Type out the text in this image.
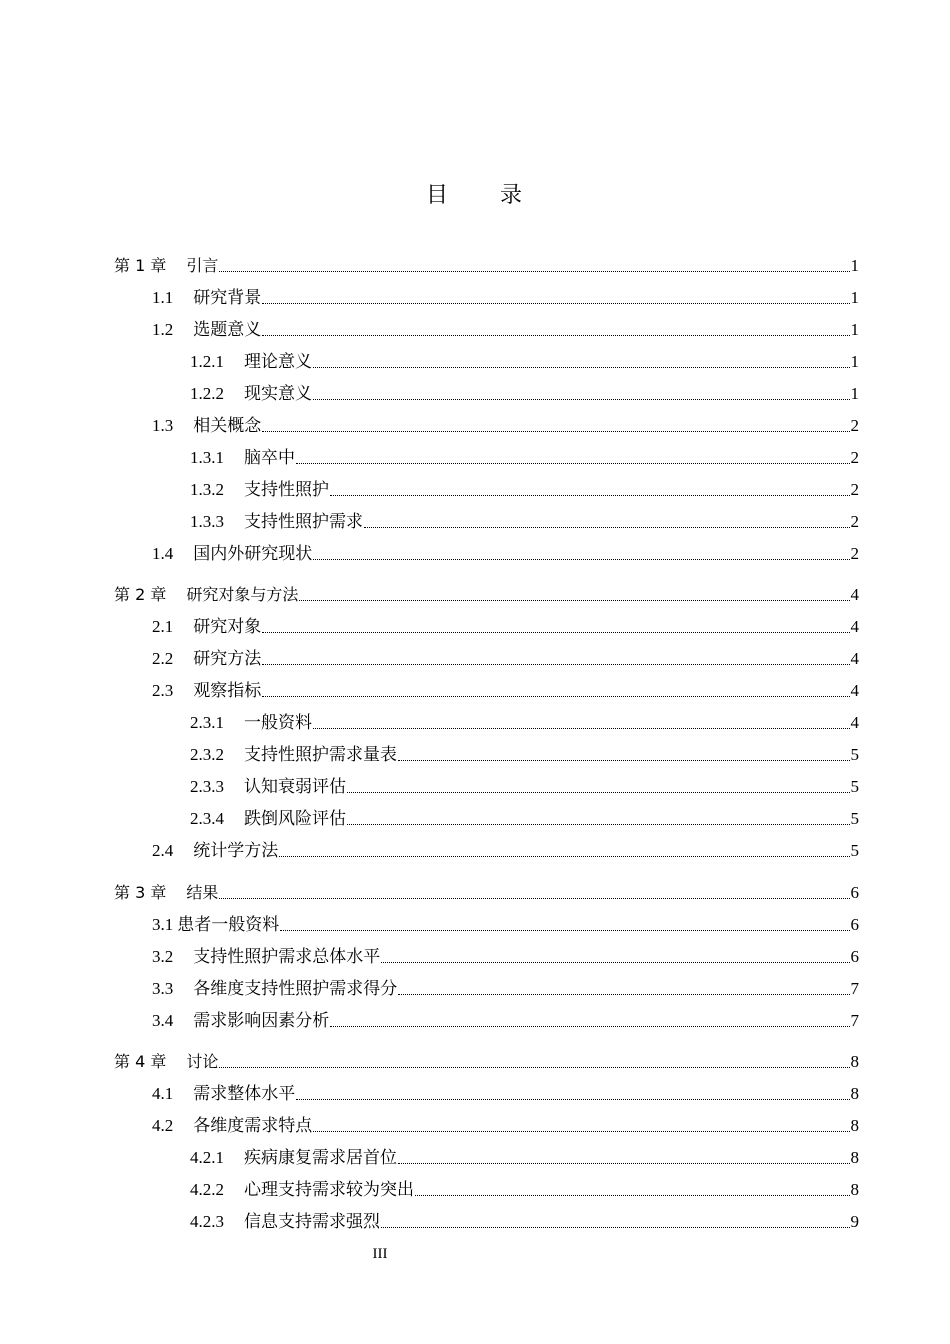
目 录
第 1 章 引言	1
1.1 研究背景	1
1.2 选题意义	1
1.2.1 理论意义	1
1.2.2 现实意义	1
1.3 相关概念	2
1.3.1 脑卒中	2
1.3.2 支持性照护	2
1.3.3 支持性照护需求	2
1.4 国内外研究现状	2
第 2 章 研究对象与方法	4
2.1 研究对象	4
2.2 研究方法	4
2.3 观察指标	4
2.3.1 一般资料	4
2.3.2 支持性照护需求量表	5
2.3.3 认知衰弱评估	5
2.3.4 跌倒风险评估	5
2.4 统计学方法	5
第 3 章 结果	6
3.1 患者一般资料	6
3.2 支持性照护需求总体水平	6
3.3 各维度支持性照护需求得分	7
3.4 需求影响因素分析	7
第 4 章 讨论	8
4.1 需求整体水平	8
4.2 各维度需求特点	8
4.2.1 疾病康复需求居首位	8
4.2.2 心理支持需求较为突出	8
4.2.3 信息支持需求强烈	9
III
